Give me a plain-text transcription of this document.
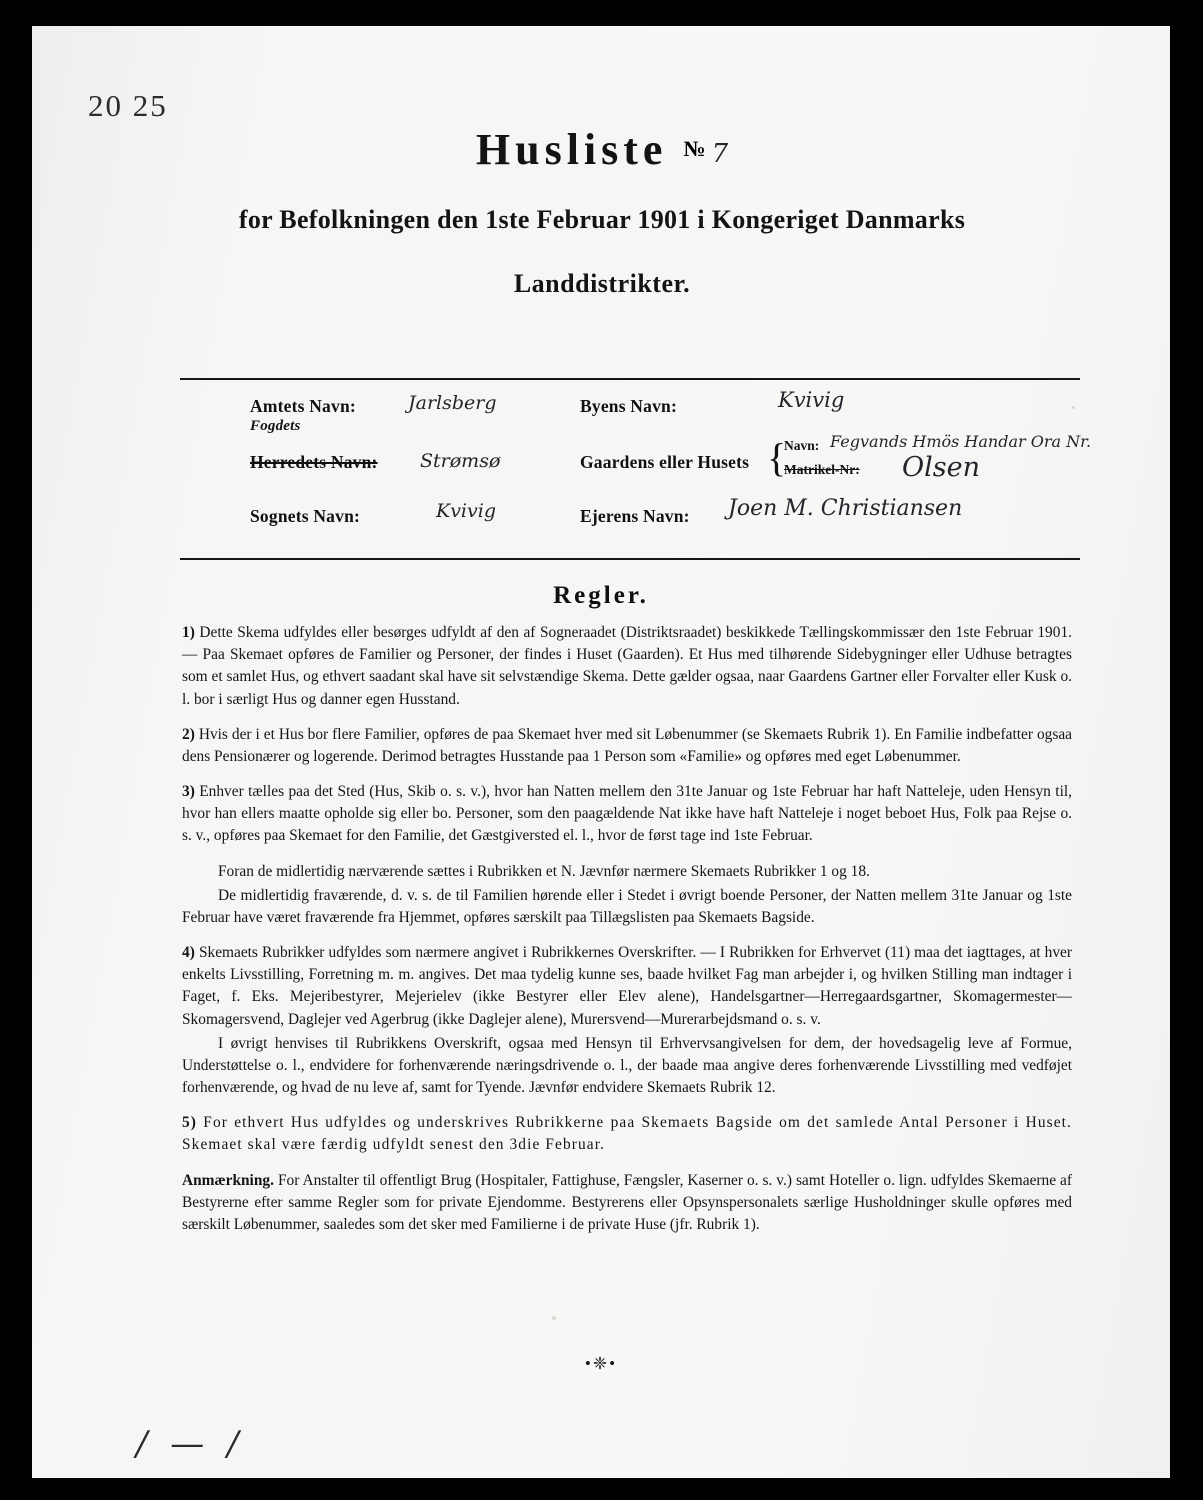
20 25
Husliste № 7
for Befolkningen den 1ste Februar 1901 i Kongeriget Danmarks
Landdistrikter.
Amtets Navn:	Jarlsberg
Fogdets
Byens Navn:	Kvivig
Herredets Navn: Strømsø	Gaardens eller Husets {
Navn: Fegvands Hmös Handar Ora Nr.
Matrikel-Nr: Olsen
Sognets Navn:	Kvivig	Ejerens Navn: Joen M. Christiansen
Regler.

1) Dette Skema udfyldes eller besørges udfyldt af den af Sogneraadet (Distriktsraadet) beskikkede Tællingskommissær den 1ste Februar 1901. — Paa Skemaet opføres de Familier og Personer, der findes i Huset (Gaarden). Et Hus med tilhørende Sidebygninger eller Udhuse betragtes som et samlet Hus, og ethvert saadant skal have sit selvstændige Skema. Dette gælder ogsaa, naar Gaardens Gartner eller Forvalter eller Kusk o. l. bor i særligt Hus og danner egen Husstand.

2) Hvis der i et Hus bor flere Familier, opføres de paa Skemaet hver med sit Løbenummer (se Skemaets Rubrik 1). En Familie indbefatter ogsaa dens Pensionærer og logerende. Derimod betragtes Husstande paa 1 Person som «Familie» og opføres med eget Løbenummer.

3) Enhver tælles paa det Sted (Hus, Skib o. s. v.), hvor han Natten mellem den 31te Januar og 1ste Februar har haft Natteleje, uden Hensyn til, hvor han ellers maatte opholde sig eller bo. Personer, som den paagældende Nat ikke have haft Natteleje i noget beboet Hus, Folk paa Rejse o. s. v., opføres paa Skemaet for den Familie, det Gæstgiversted el. l., hvor de først tage ind 1ste Februar.

Foran de midlertidig nærværende sættes i Rubrikken et N. Jævnfør nærmere Skemaets Rubrikker 1 og 18.

De midlertidig fraværende, d. v. s. de til Familien hørende eller i Stedet i øvrigt boende Personer, der Natten mellem 31te Januar og 1ste Februar have været fraværende fra Hjemmet, opføres særskilt paa Tillægslisten paa Skemaets Bagside.

4) Skemaets Rubrikker udfyldes som nærmere angivet i Rubrikkernes Overskrifter. — I Rubrikken for Erhvervet (11) maa det iagttages, at hver enkelts Livsstilling, Forretning m. m. angives. Det maa tydelig kunne ses, baade hvilket Fag man arbejder i, og hvilken Stilling man indtager i Faget, f. Eks. Mejeribestyrer, Mejerielev (ikke Bestyrer eller Elev alene), Handelsgartner—Herregaardsgartner, Skomagermester—Skomagersvend, Daglejer ved Agerbrug (ikke Daglejer alene), Murersvend—Murerarbejdsmand o. s. v.

I øvrigt henvises til Rubrikkens Overskrift, ogsaa med Hensyn til Erhvervsangivelsen for dem, der hovedsagelig leve af Formue, Understøttelse o. l., endvidere for forhenværende næringsdrivende o. l., der baade maa angive deres forhenværende Livsstilling med vedføjet forhenværende, og hvad de nu leve af, samt for Tyende. Jævnfør endvidere Skemaets Rubrik 12.

5) For ethvert Hus udfyldes og underskrives Rubrikkerne paa Skemaets Bagside om det samlede Antal Personer i Huset. Skemaet skal være færdig udfyldt senest den 3die Februar.

Anmærkning. For Anstalter til offentligt Brug (Hospitaler, Fattighuse, Fængsler, Kaserner o. s. v.) samt Hoteller o. lign. udfyldes Skemaerne af Bestyrerne efter samme Regler som for private Ejendomme. Bestyrerens eller Opsynspersonalets særlige Husholdninger skulle opføres med særskilt Løbenummer, saaledes som det sker med Familierne i de private Huse (jfr. Rubrik 1).

•❈•
/ — /
